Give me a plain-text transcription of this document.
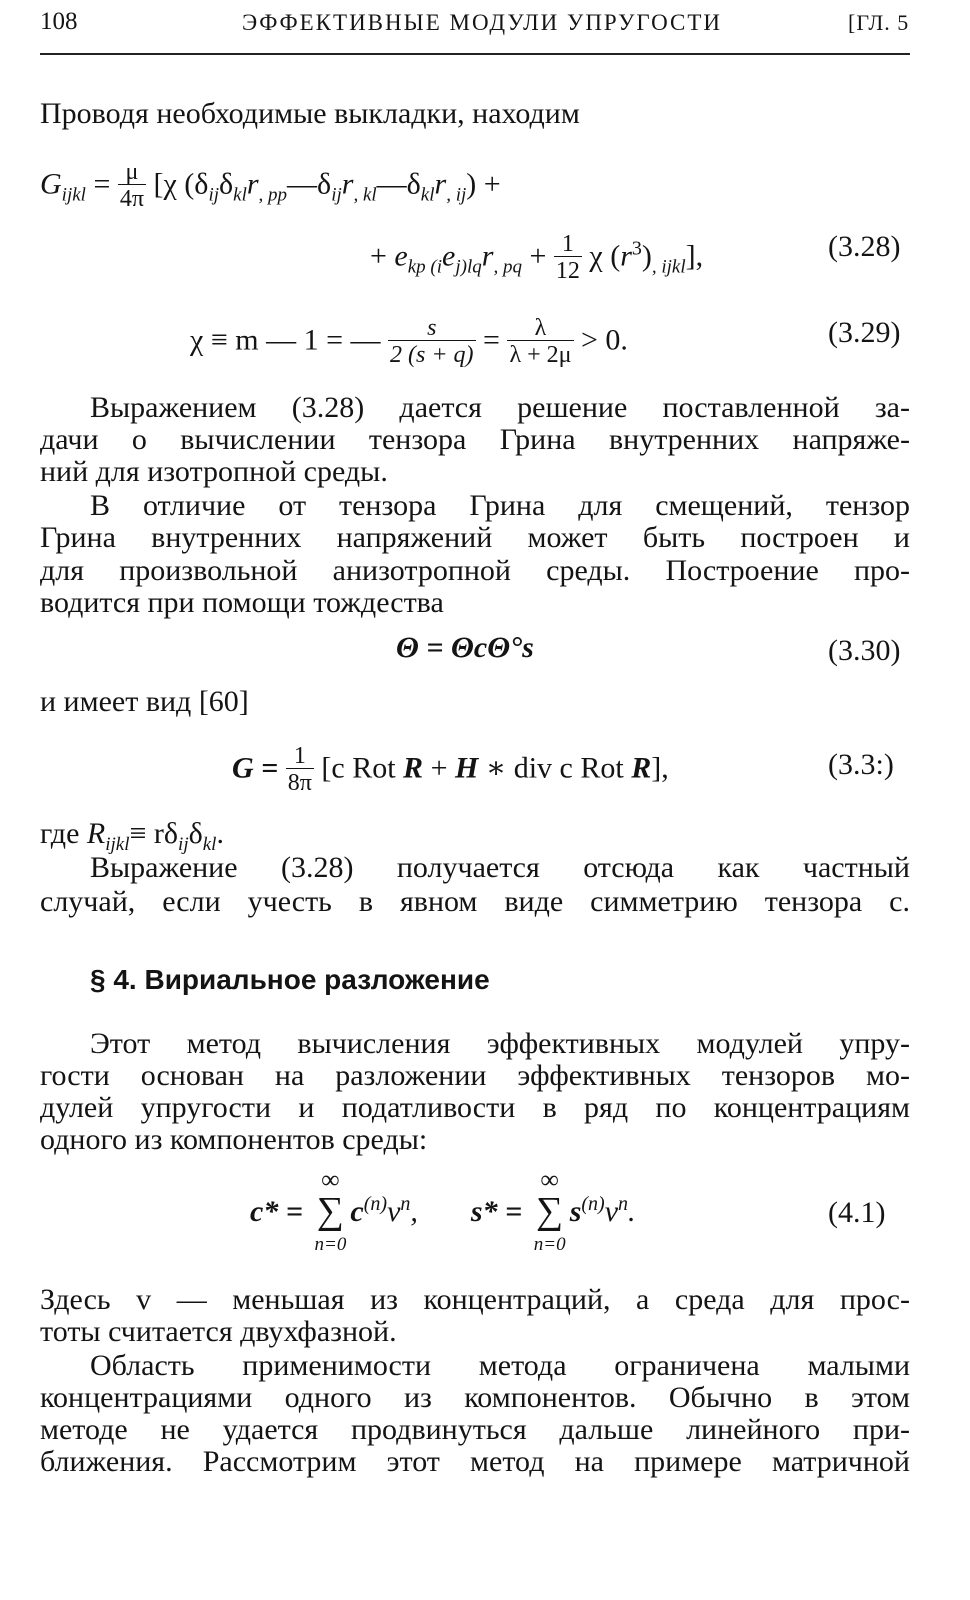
108	ЭФФЕКТИВНЫЕ МОДУЛИ УПРУГОСТИ	[ГЛ. 5
Проводя необходимые выкладки, находим
$G_{ijkl} = \frac{\mu}{4\pi} [\chi$ $(\delta_{ij}\delta_{kl}r_{, pp}—\delta_{ij}r_{, kl}—\delta_{kl}r_{, ij})$ +
+ $e_{kp (i}e_{j)lq}r_{, pq} + \frac{1}{12}$ χ $(r^3)_{, ijkl}$],	(3.28)
χ ≡ m — 1 = — $\frac{s}{2 (s + q)} = \frac{\lambda}{\lambda + 2\mu} > 0$.	(3.29)
Выражением (3.28) дается решение поставленной за-
дачи о вычислении тензора Грина внутренних напряже-
ний для изотропной среды.
В отличие от тензора Грина для смещений, тензор
Грина внутренних напряжений может быть построен и
для произвольной анизотропной среды. Построение про-
водится при помощи тождества
Θ = ΘcΘ°s	(3.30)
и имеет вид [60]
$G = \frac{1}{8\pi} [c$ Rot R + H ∗ div c Rot R],	(3.3:)
где $R_{ijkl}\equiv r\delta_{ij}\delta_{kl}$.
Выражение (3.28) получается отсюда как частный
случай, если учесть в явном виде симметрию тензора c.
§ 4. Вириальное разложение
Этот метод вычисления эффективных модулей упру-
гости основан на разложении эффективных тензоров мо-
дулей упругости и податливости в ряд по концентрациям
одного из компонентов среды:
c* =
∞
∑
n=0
$c^{(n)}v^n$, s* =
∞
∑
n=0
$s^{(n)}v^n$.	(4.1)
Здесь v — меньшая из концентраций, а среда для прос-
тоты считается двухфазной.
Область применимости метода ограничена малыми
концентрациями одного из компонентов. Обычно в этом
методе не удается продвинуться дальше линейного при-
ближения. Рассмотрим этот метод на примере матричной
